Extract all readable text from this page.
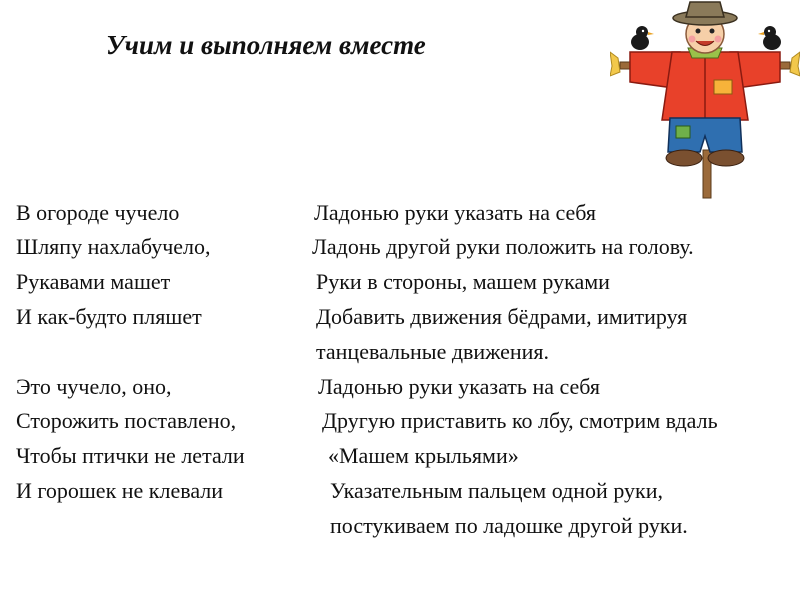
Учим и выполняем вместе
В огороде чучело	Ладонью руки указать на себя
Шляпу нахлабучело,	Ладонь другой руки положить на голову.
Рукавами машет	Руки в стороны, машем руками
И как-будто пляшет	Добавить движения бёдрами, имитируя
танцевальные движения.
Это чучело, оно,	Ладонью руки указать на себя
Сторожить поставлено,	Другую приставить ко лбу, смотрим вдаль
Чтобы птички не летали	«Машем крыльями»
И горошек не клевали	Указательным пальцем одной руки,
постукиваем по ладошке другой руки.
